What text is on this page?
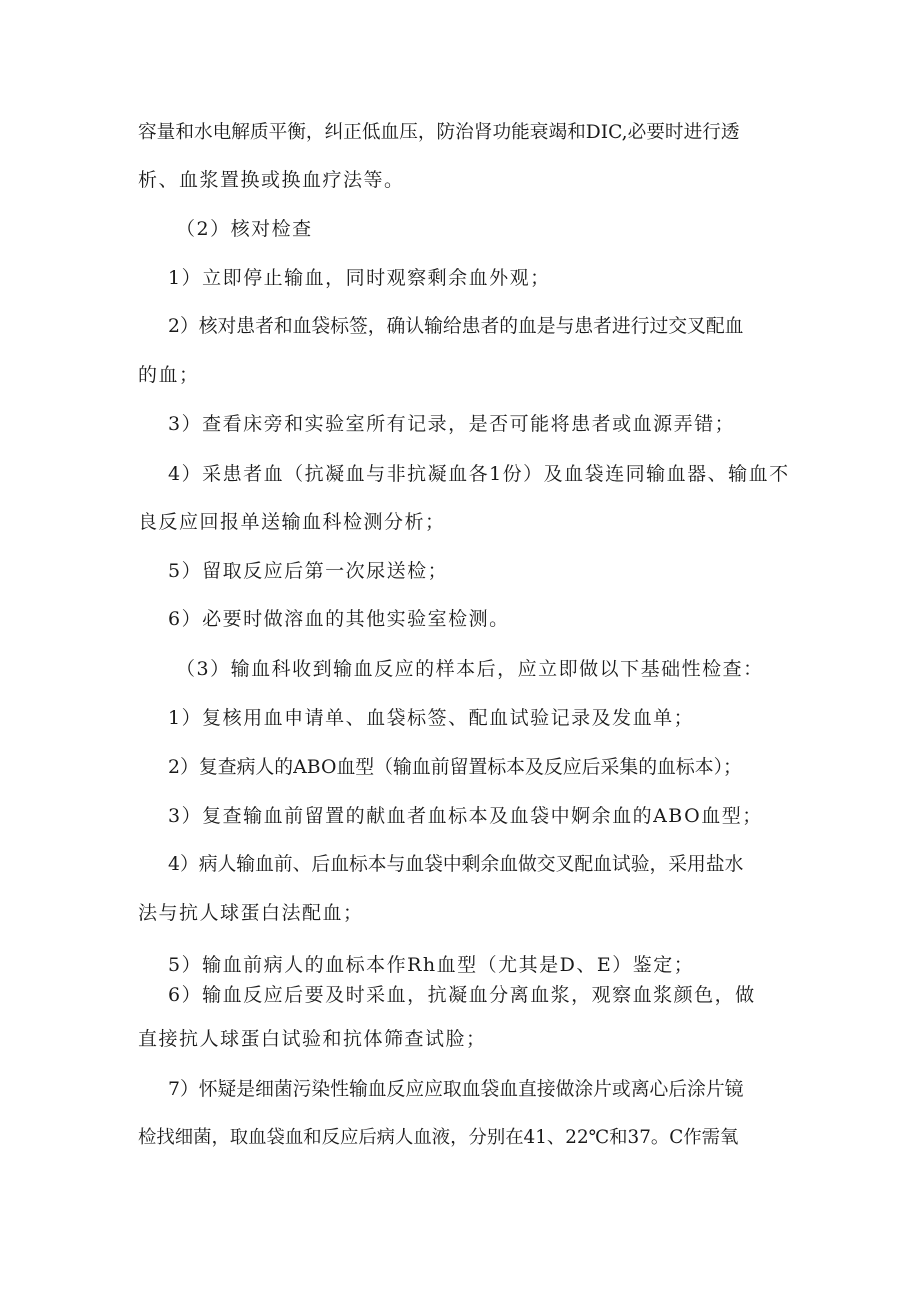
容量和水电解质平衡，纠正低血压，防治肾功能衰竭和DIC,必要时进行透
析、血浆置换或换血疗法等。
（2）核对检查
1）立即停止输血，同时观察剩余血外观；
2）核对患者和血袋标签，确认输给患者的血是与患者进行过交叉配血
的血；
3）查看床旁和实验室所有记录，是否可能将患者或血源弄错；
4）采患者血（抗凝血与非抗凝血各1份）及血袋连同输血器、输血不
良反应回报单送输血科检测分析；
5）留取反应后第一次尿送检；
6）必要时做溶血的其他实验室检测。
（3）输血科收到输血反应的样本后，应立即做以下基础性检查：
1）复核用血申请单、血袋标签、配血试验记录及发血单；
2）复查病人的ABO血型（输血前留置标本及反应后采集的血标本）；
3）复查输血前留置的献血者血标本及血袋中婀余血的ABO血型；
4）病人输血前、后血标本与血袋中剩余血做交叉配血试验，采用盐水
法与抗人球蛋白法配血；
5）输血前病人的血标本作Rh血型（尤其是D、E）鉴定；
6）输血反应后要及时采血，抗凝血分离血浆，观察血浆颜色，做
直接抗人球蛋白试验和抗体筛查试脸；
7）怀疑是细菌污染性输血反应应取血袋血直接做涂片或离心后涂片镜
检找细菌，取血袋血和反应后病人血液，分别在41、22℃和37。C作需氧
